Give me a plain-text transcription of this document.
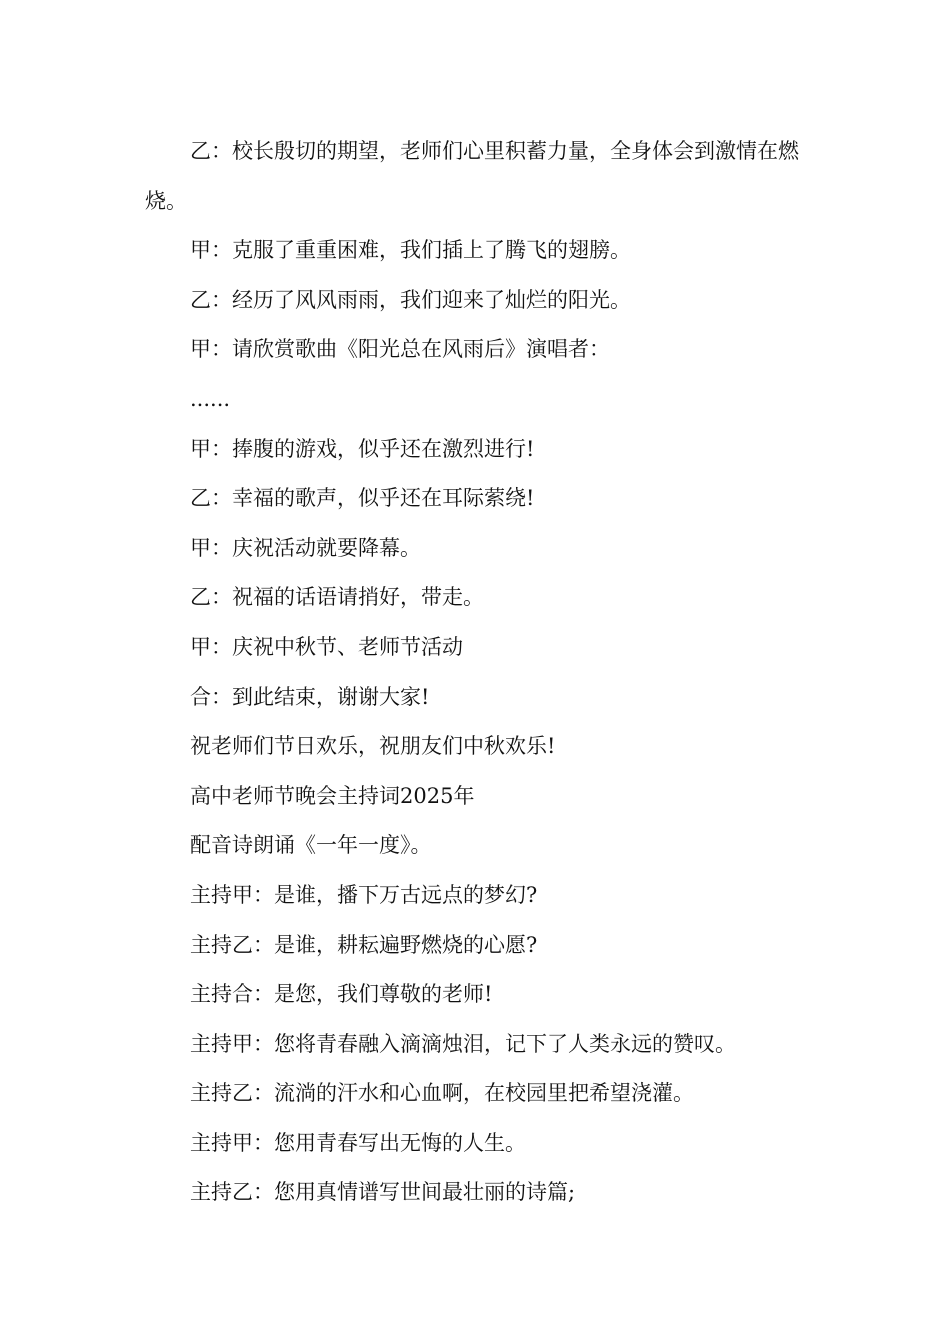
乙：校长殷切的期望，老师们心里积蓄力量，全身体会到激情在燃烧。

甲：克服了重重困难，我们插上了腾飞的翅膀。

乙：经历了风风雨雨，我们迎来了灿烂的阳光。

甲：请欣赏歌曲《阳光总在风雨后》演唱者：

......

甲：捧腹的游戏，似乎还在激烈进行!

乙：幸福的歌声，似乎还在耳际萦绕!

甲：庆祝活动就要降幕。

乙：祝福的话语请捎好，带走。

甲：庆祝中秋节、老师节活动

合：到此结束，谢谢大家!

祝老师们节日欢乐，祝朋友们中秋欢乐!

高中老师节晚会主持词2025年

配音诗朗诵《一年一度》。

主持甲：是谁，播下万古远点的梦幻?

主持乙：是谁，耕耘遍野燃烧的心愿?

主持合：是您，我们尊敬的老师!

主持甲：您将青春融入滴滴烛泪，记下了人类永远的赞叹。

主持乙：流淌的汗水和心血啊，在校园里把希望浇灌。

主持甲：您用青春写出无悔的人生。

主持乙：您用真情谱写世间最壮丽的诗篇;
